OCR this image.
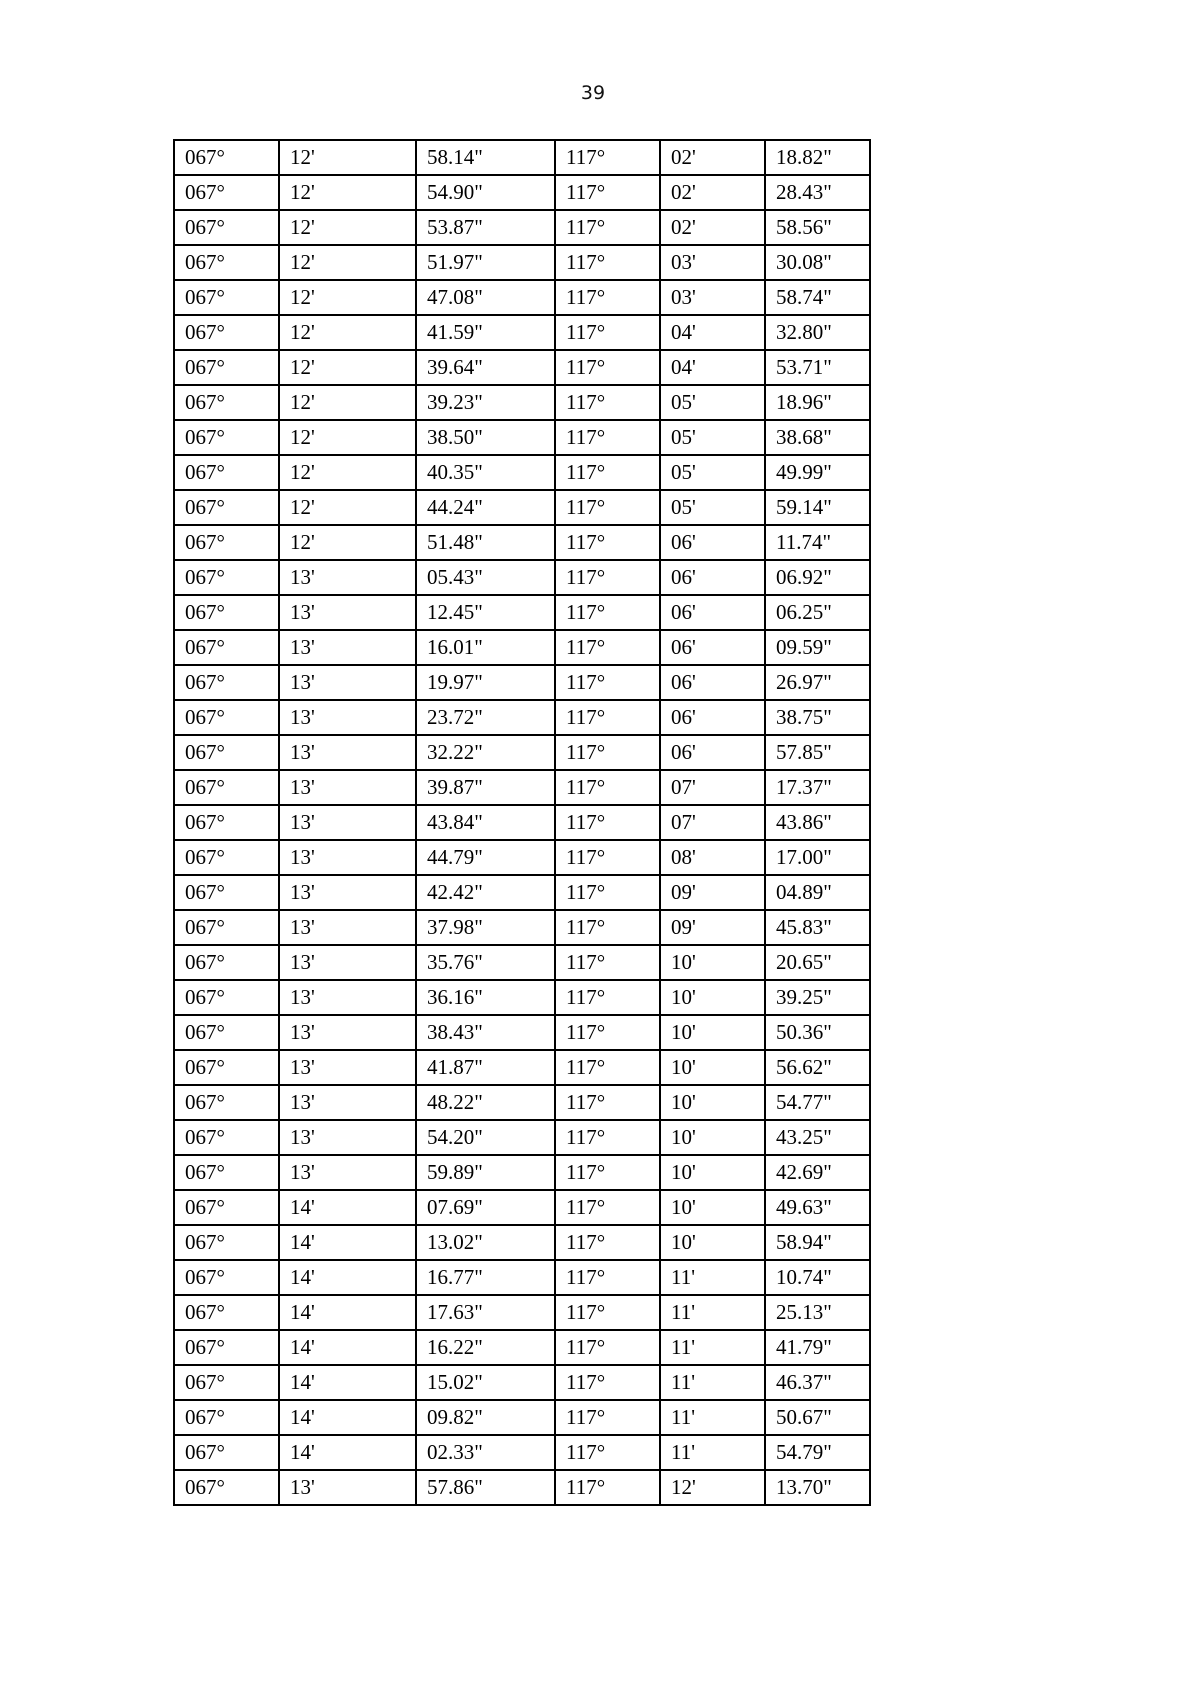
39
067°	12'	58.14"	117°	02'	18.82"
067°	12'	54.90"	117°	02'	28.43"
067°	12'	53.87"	117°	02'	58.56"
067°	12'	51.97"	117°	03'	30.08"
067°	12'	47.08"	117°	03'	58.74"
067°	12'	41.59"	117°	04'	32.80"
067°	12'	39.64"	117°	04'	53.71"
067°	12'	39.23"	117°	05'	18.96"
067°	12'	38.50"	117°	05'	38.68"
067°	12'	40.35"	117°	05'	49.99"
067°	12'	44.24"	117°	05'	59.14"
067°	12'	51.48"	117°	06'	11.74"
067°	13'	05.43"	117°	06'	06.92"
067°	13'	12.45"	117°	06'	06.25"
067°	13'	16.01"	117°	06'	09.59"
067°	13'	19.97"	117°	06'	26.97"
067°	13'	23.72"	117°	06'	38.75"
067°	13'	32.22"	117°	06'	57.85"
067°	13'	39.87"	117°	07'	17.37"
067°	13'	43.84"	117°	07'	43.86"
067°	13'	44.79"	117°	08'	17.00"
067°	13'	42.42"	117°	09'	04.89"
067°	13'	37.98"	117°	09'	45.83"
067°	13'	35.76"	117°	10'	20.65"
067°	13'	36.16"	117°	10'	39.25"
067°	13'	38.43"	117°	10'	50.36"
067°	13'	41.87"	117°	10'	56.62"
067°	13'	48.22"	117°	10'	54.77"
067°	13'	54.20"	117°	10'	43.25"
067°	13'	59.89"	117°	10'	42.69"
067°	14'	07.69"	117°	10'	49.63"
067°	14'	13.02"	117°	10'	58.94"
067°	14'	16.77"	117°	11'	10.74"
067°	14'	17.63"	117°	11'	25.13"
067°	14'	16.22"	117°	11'	41.79"
067°	14'	15.02"	117°	11'	46.37"
067°	14'	09.82"	117°	11'	50.67"
067°	14'	02.33"	117°	11'	54.79"
067°	13'	57.86"	117°	12'	13.70"
